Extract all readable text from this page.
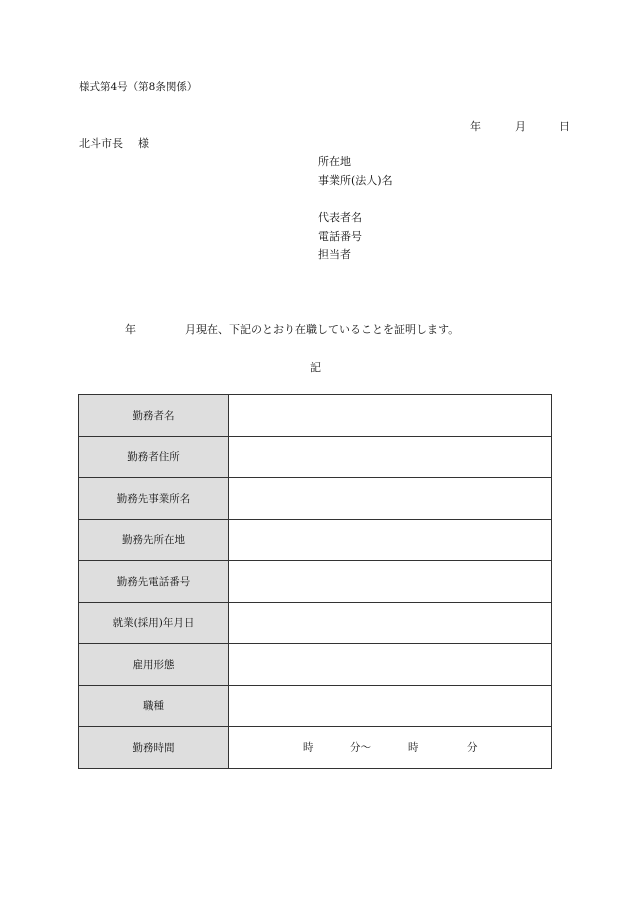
様式第4号（第8条関係）
年	月	日
北斗市長 様
所在地
事業所(法人)名
代表者名
電話番号
担当者
年	月現在、下記のとおり在職していることを証明します。
記
勤務者名	
勤務者住所	
勤務先事業所名	
勤務先所在地	
勤務先電話番号	
就業(採用)年月日	
雇用形態	
職種	
勤務時間	時 分～ 時 分
